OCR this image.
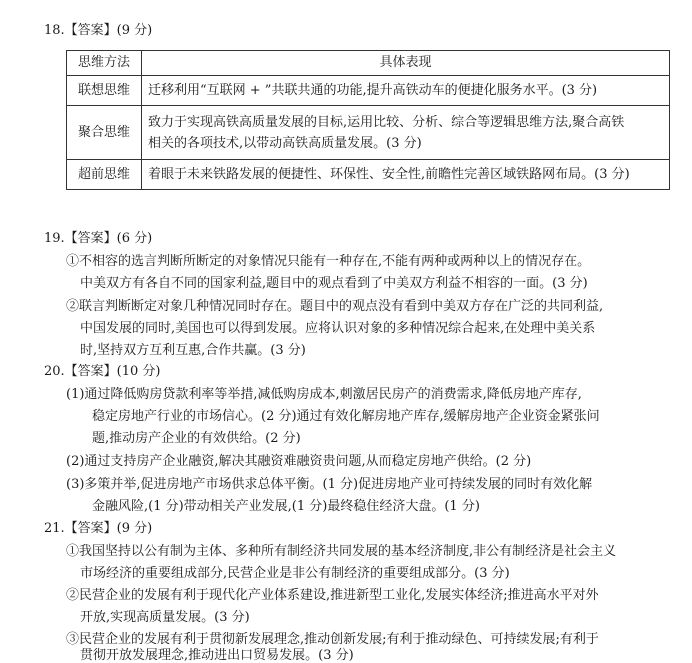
18.【答案】(9 分)
思维方法	具体表现
联想思维	迁移利用“互联网 + ”共联共通的功能,提升高铁动车的便捷化服务水平。(3 分)

聚合思维	致力于实现高铁高质量发展的目标,运用比较、分析、综合等逻辑思维方法,聚合高铁
相关的各项技术,以带动高铁高质量发展。(3 分)

超前思维	着眼于未来铁路发展的便捷性、环保性、安全性,前瞻性完善区域铁路网布局。(3 分)
19.【答案】(6 分)
①不相容的选言判断所断定的对象情况只能有一种存在,不能有两种或两种以上的情况存在。
中美双方有各自不同的国家利益,题目中的观点看到了中美双方利益不相容的一面。(3 分)
②联言判断断定对象几种情况同时存在。题目中的观点没有看到中美双方存在广泛的共同利益,
中国发展的同时,美国也可以得到发展。应将认识对象的多种情况综合起来,在处理中美关系
时,坚持双方互利互惠,合作共赢。(3 分)
20.【答案】(10 分)
(1)通过降低购房贷款利率等举措,减低购房成本,刺激居民房产的消费需求,降低房地产库存,
稳定房地产行业的市场信心。(2 分)通过有效化解房地产库存,缓解房地产企业资金紧张问
题,推动房产企业的有效供给。(2 分)
(2)通过支持房产企业融资,解决其融资难融资贵问题,从而稳定房地产供给。(2 分)
(3)多策并举,促进房地产市场供求总体平衡。(1 分)促进房地产业可持续发展的同时有效化解
金融风险,(1 分)带动相关产业发展,(1 分)最终稳住经济大盘。(1 分)
21.【答案】(9 分)
①我国坚持以公有制为主体、多种所有制经济共同发展的基本经济制度,非公有制经济是社会主义
市场经济的重要组成部分,民营企业是非公有制经济的重要组成部分。(3 分)
②民营企业的发展有利于现代化产业体系建设,推进新型工业化,发展实体经济;推进高水平对外
开放,实现高质量发展。(3 分)
③民营企业的发展有利于贯彻新发展理念,推动创新发展;有利于推动绿色、可持续发展;有利于
贯彻开放发展理念,推动进出口贸易发展。(3 分)
